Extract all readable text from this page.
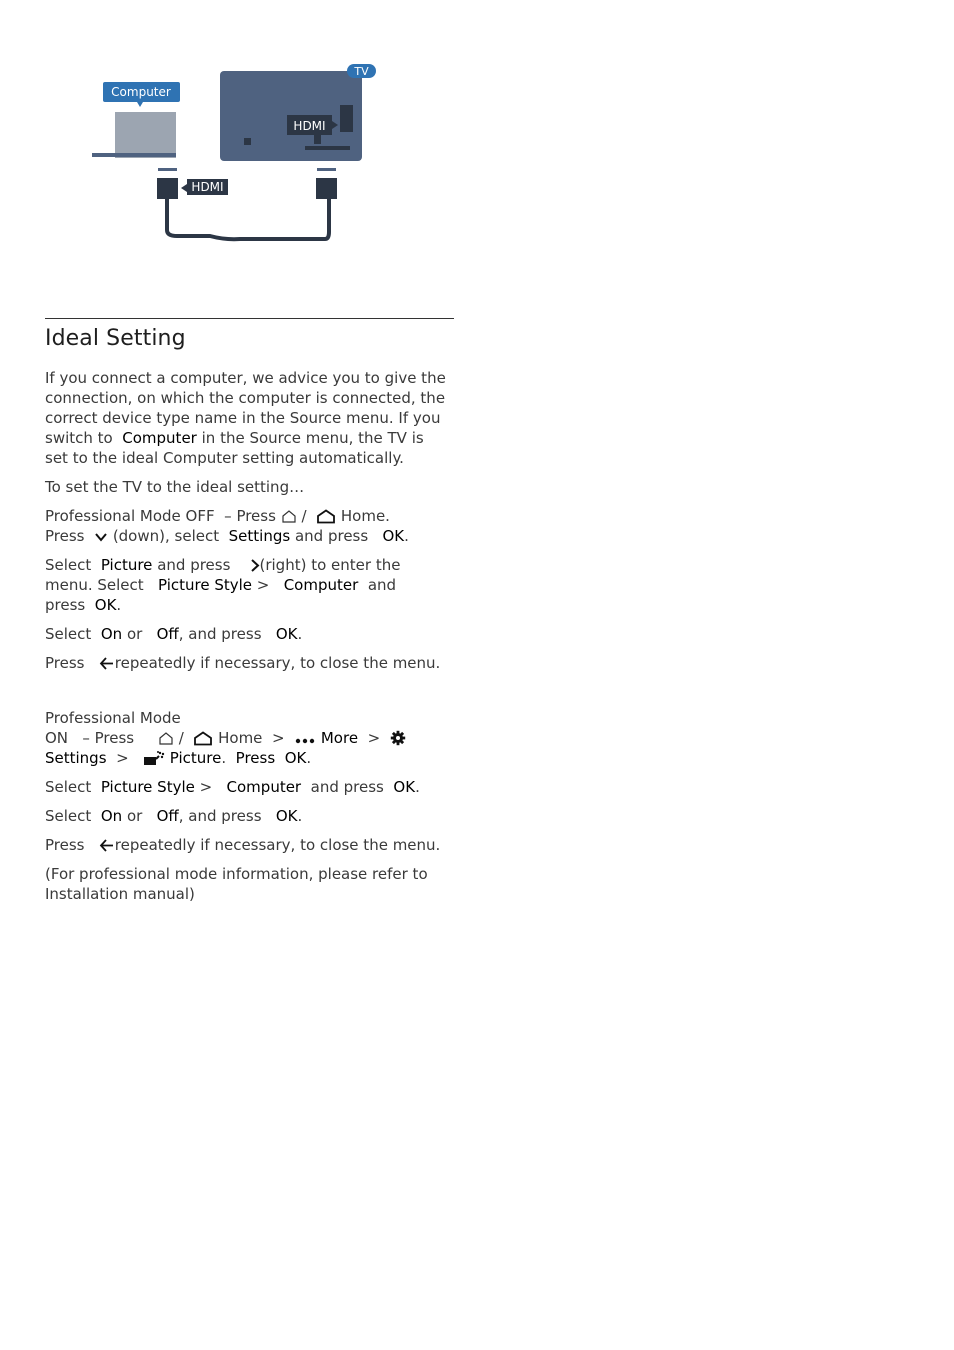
Computer
TV
HDMI
HDMI
Ideal Setting

If you connect a computer, we advice you to give the
connection, on which the computer is connected, the
correct device type name in the Source menu. If you
switch to Computer in the Source menu, the TV is
set to the ideal Computer setting automatically.

To set the TV to the ideal setting…

Professional Mode OFF – Press / Home.
Press (down), select Settings and press OK.

Select Picture and press (right) to enter the
menu. Select Picture Style > Computer and
press OK.

Select On or Off, and press OK.

Press repeatedly if necessary, to close the menu.

Professional Mode
ON – Press	/ Home > More >
Settings >	Picture. Press OK.

Select Picture Style > Computer and press OK.

Select On or Off, and press OK.

Press repeatedly if necessary, to close the menu.

(For professional mode information, please refer to
Installation manual)
